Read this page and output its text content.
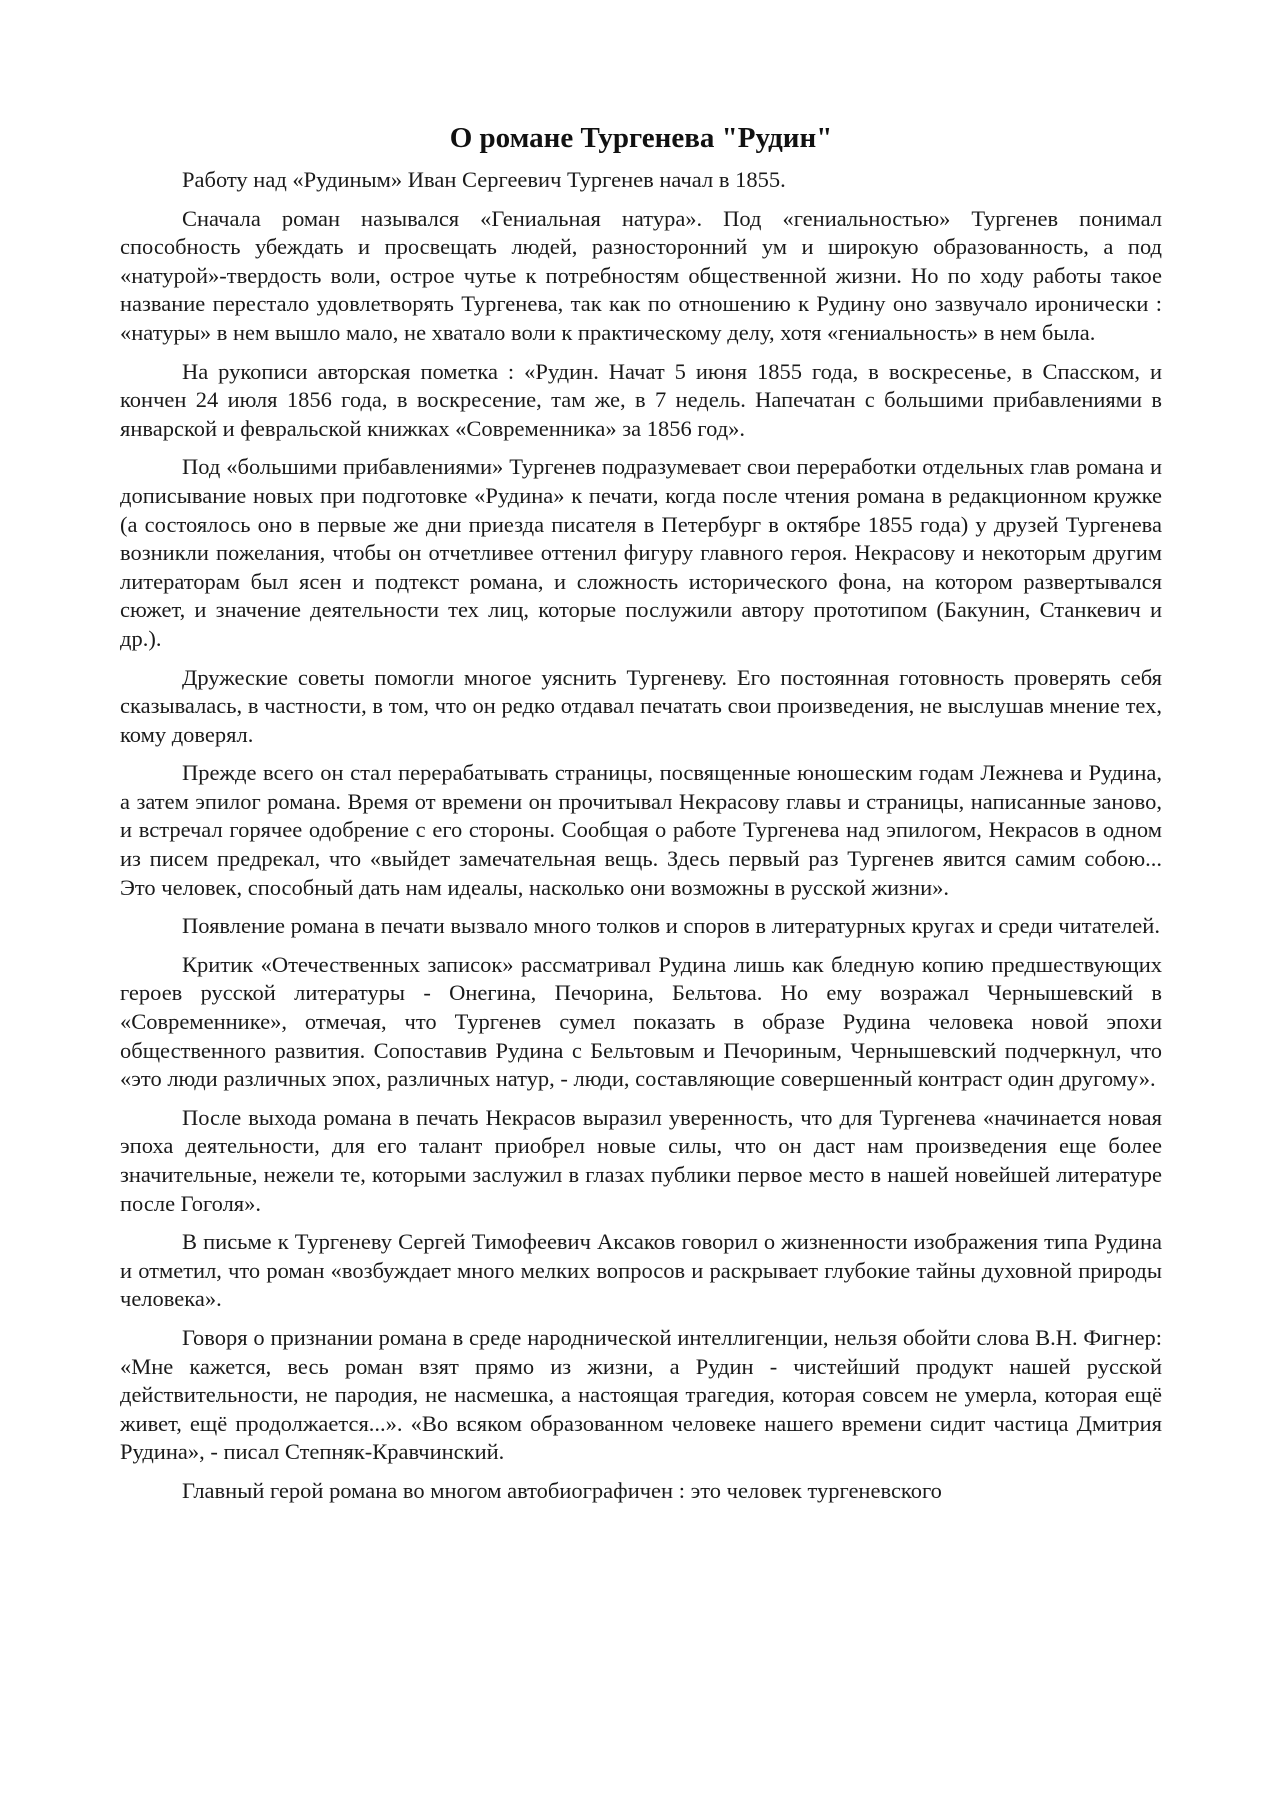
О романе Тургенева "Рудин"

Работу над «Рудиным» Иван Сергеевич Тургенев начал в 1855.

Сначала роман назывался «Гениальная натура». Под «гениальностью» Тургенев понимал способность убеждать и просвещать людей, разносторонний ум и широкую образованность, а под «натурой»-твердость воли, острое чутье к потребностям общественной жизни. Но по ходу работы такое название перестало удовлетворять Тургенева, так как по отношению к Рудину оно зазвучало иронически : «натуры» в нем вышло мало, не хватало воли к практическому делу, хотя «гениальность» в нем была.

На рукописи авторская пометка : «Рудин. Начат 5 июня 1855 года, в воскресенье, в Спасском, и кончен 24 июля 1856 года, в воскресение, там же, в 7 недель. Напечатан с большими прибавлениями в январской и февральской книжках «Современника» за 1856 год».

Под «большими прибавлениями» Тургенев подразумевает свои переработки отдельных глав романа и дописывание новых при подготовке «Рудина» к печати, когда после чтения романа в редакционном кружке (а состоялось оно в первые же дни приезда писателя в Петербург в октябре 1855 года) у друзей Тургенева возникли пожелания, чтобы он отчетливее оттенил фигуру главного героя. Некрасову и некоторым другим литераторам был ясен и подтекст романа, и сложность исторического фона, на котором развертывался сюжет, и значение деятельности тех лиц, которые послужили автору прототипом (Бакунин, Станкевич и др.).

Дружеские советы помогли многое уяснить Тургеневу. Его постоянная готовность проверять себя сказывалась, в частности, в том, что он редко отдавал печатать свои произведения, не выслушав мнение тех, кому доверял.

Прежде всего он стал перерабатывать страницы, посвященные юношеским годам Лежнева и Рудина, а затем эпилог романа. Время от времени он прочитывал Некрасову главы и страницы, написанные заново, и встречал горячее одобрение с его стороны. Сообщая о работе Тургенева над эпилогом, Некрасов в одном из писем предрекал, что «выйдет замечательная вещь. Здесь первый раз Тургенев явится самим собою... Это человек, способный дать нам идеалы, насколько они возможны в русской жизни».

Появление романа в печати вызвало много толков и споров в литературных кругах и среди читателей.

Критик «Отечественных записок» рассматривал Рудина лишь как бледную копию предшествующих героев русской литературы - Онегина, Печорина, Бельтова. Но ему возражал Чернышевский в «Современнике», отмечая, что Тургенев сумел показать в образе Рудина человека новой эпохи общественного развития. Сопоставив Рудина с Бельтовым и Печориным, Чернышевский подчеркнул, что «это люди различных эпох, различных натур, - люди, составляющие совершенный контраст один другому».

После выхода романа в печать Некрасов выразил уверенность, что для Тургенева «начинается новая эпоха деятельности, для его талант приобрел новые силы, что он даст нам произведения еще более значительные, нежели те, которыми заслужил в глазах публики первое место в нашей новейшей литературе после Гоголя».

В письме к Тургеневу Сергей Тимофеевич Аксаков говорил о жизненности изображения типа Рудина и отметил, что роман «возбуждает много мелких вопросов и раскрывает глубокие тайны духовной природы человека».

Говоря о признании романа в среде народнической интеллигенции, нельзя обойти слова В.Н. Фигнер: «Мне кажется, весь роман взят прямо из жизни, а Рудин - чистейший продукт нашей русской действительности, не пародия, не насмешка, а настоящая трагедия, которая совсем не умерла, которая ещё живет, ещё продолжается...». «Во всяком образованном человеке нашего времени сидит частица Дмитрия Рудина», - писал Степняк-Кравчинский.

Главный герой романа во многом автобиографичен : это человек тургеневского
